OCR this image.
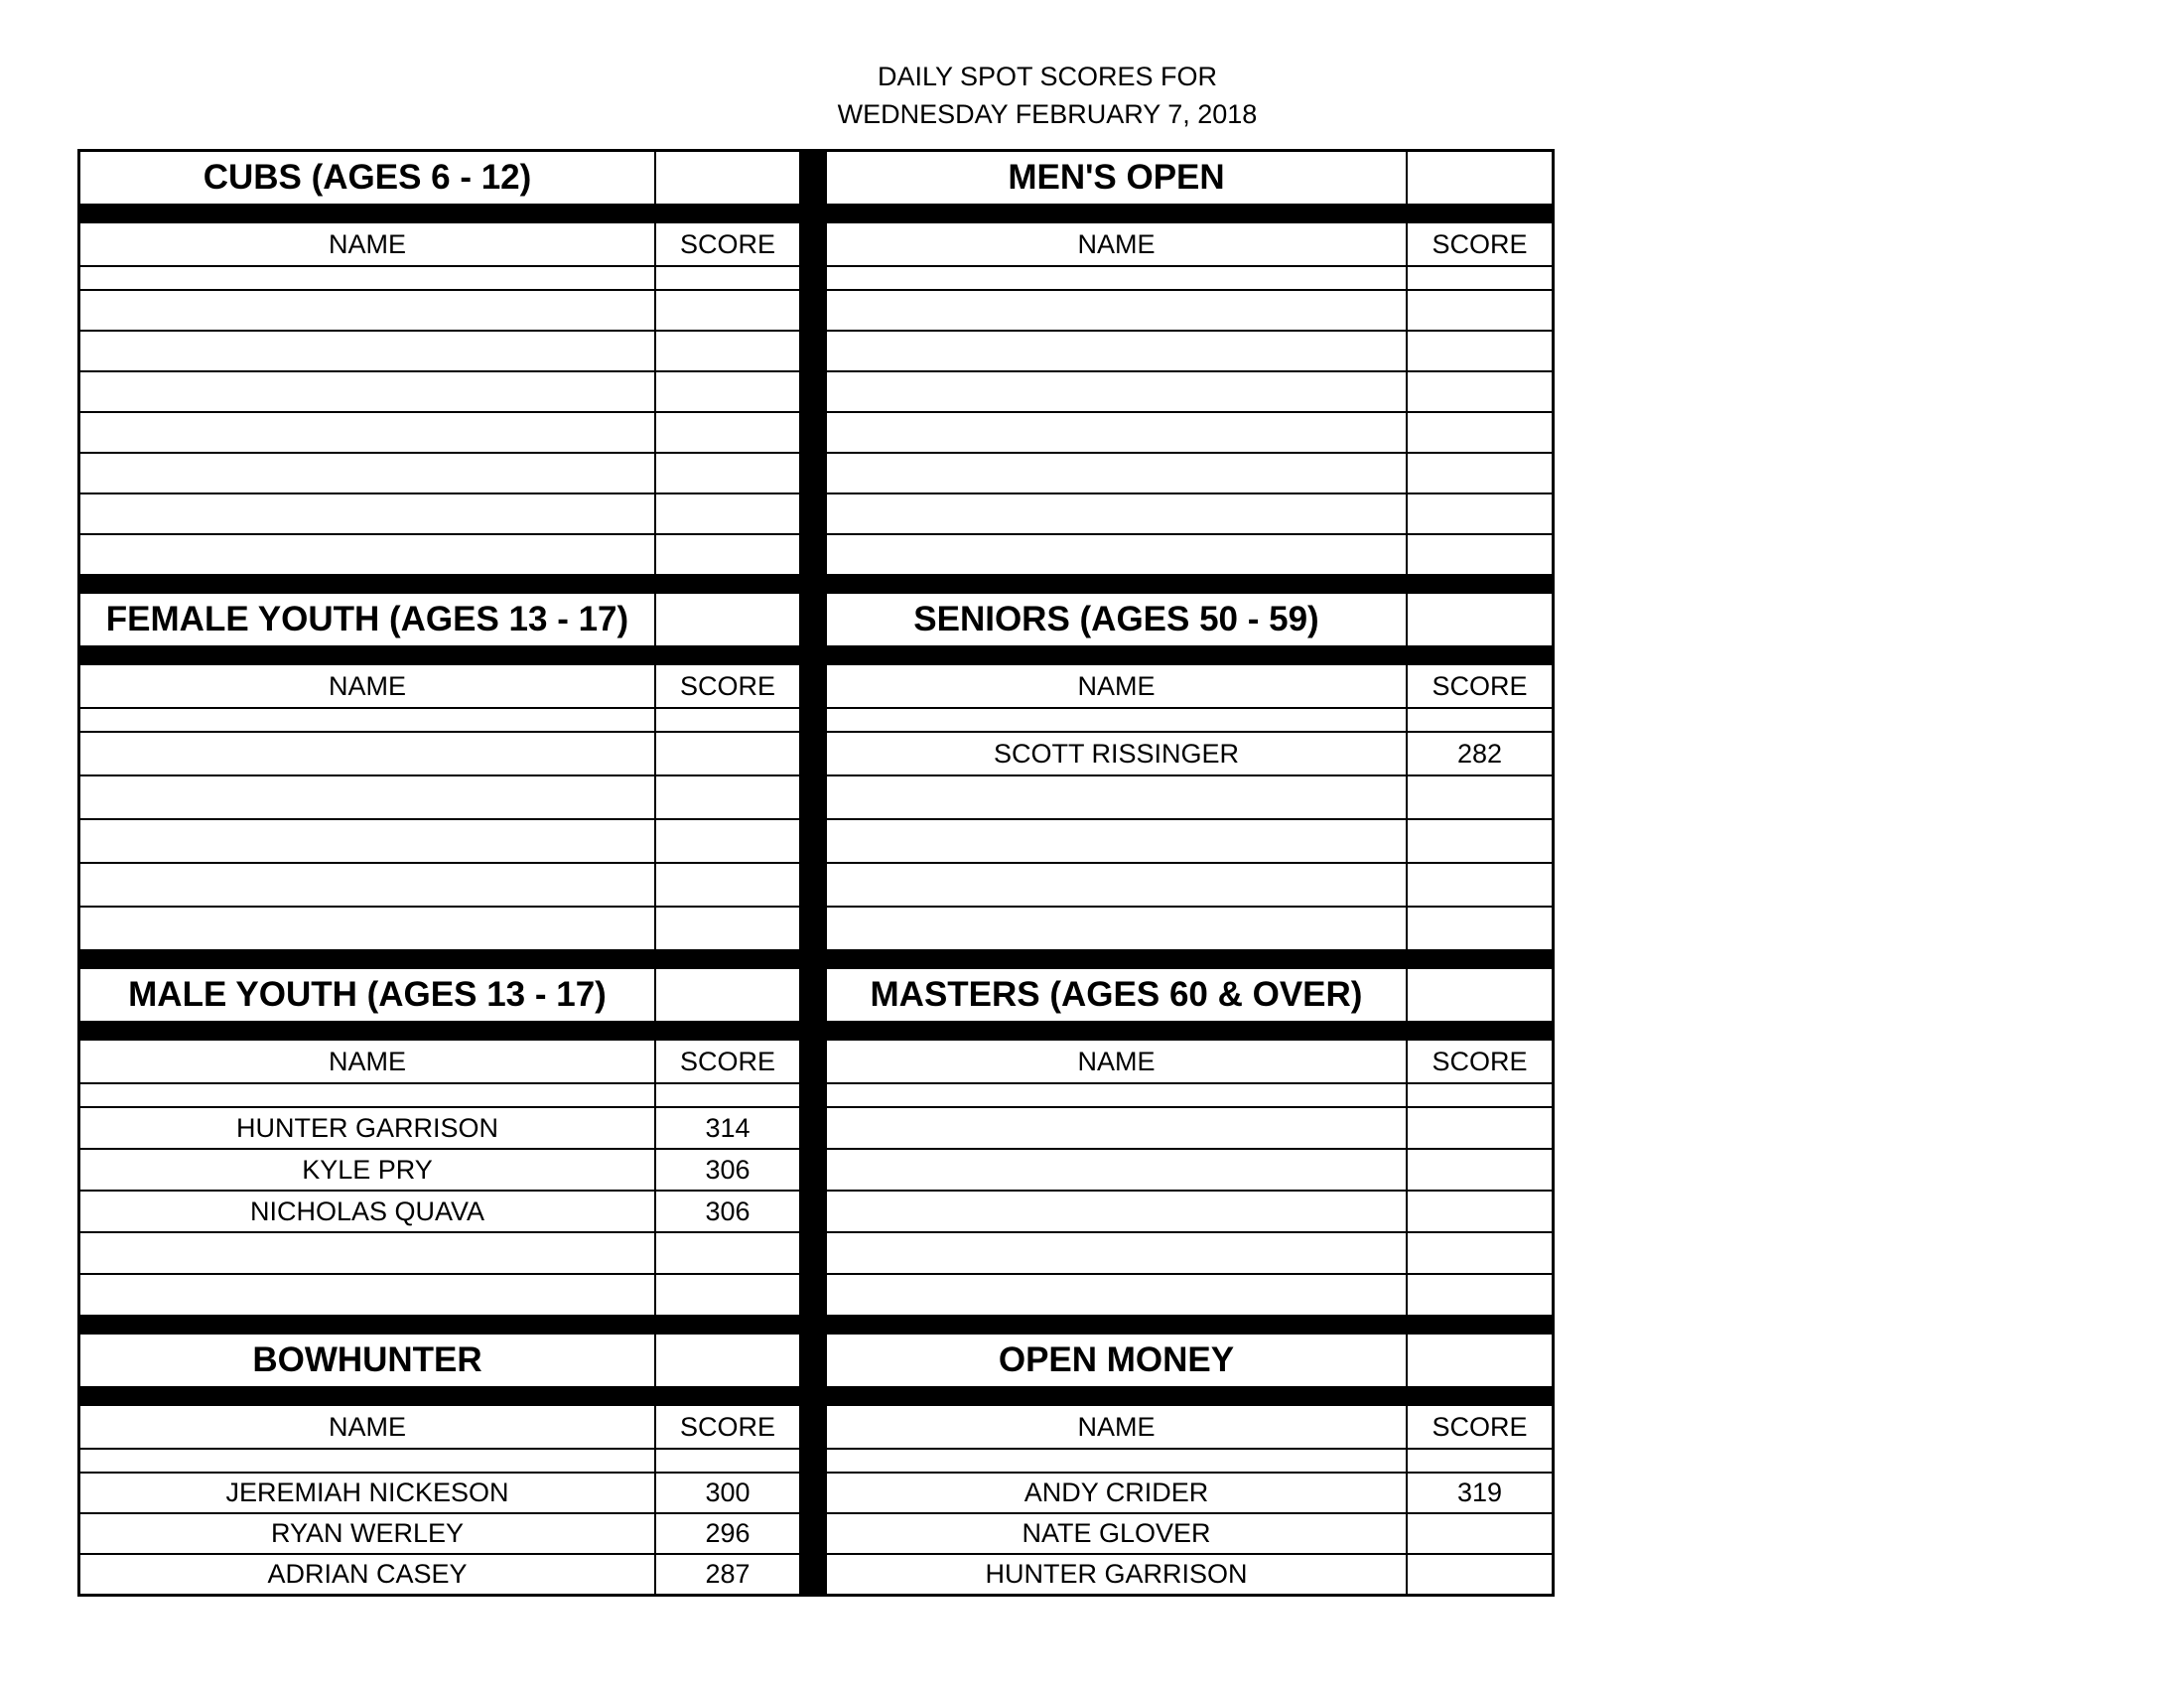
DAILY SPOT SCORES FOR
WEDNESDAY FEBRUARY 7, 2018
CUBS (AGES 6 - 12)
NAME	SCORE
MEN'S OPEN
NAME	SCORE
FEMALE YOUTH (AGES 13 - 17)
NAME	SCORE
SENIORS (AGES 50 - 59)
NAME	SCORE
SCOTT RISSINGER	282
MALE YOUTH (AGES 13 - 17)
NAME	SCORE
HUNTER GARRISON	314
KYLE PRY	306
NICHOLAS QUAVA	306
MASTERS (AGES 60 & OVER)
NAME	SCORE
BOWHUNTER
NAME	SCORE
JEREMIAH NICKESON	300
RYAN WERLEY	296
ADRIAN CASEY	287
OPEN MONEY
NAME	SCORE
ANDY CRIDER	319
NATE GLOVER
HUNTER GARRISON
